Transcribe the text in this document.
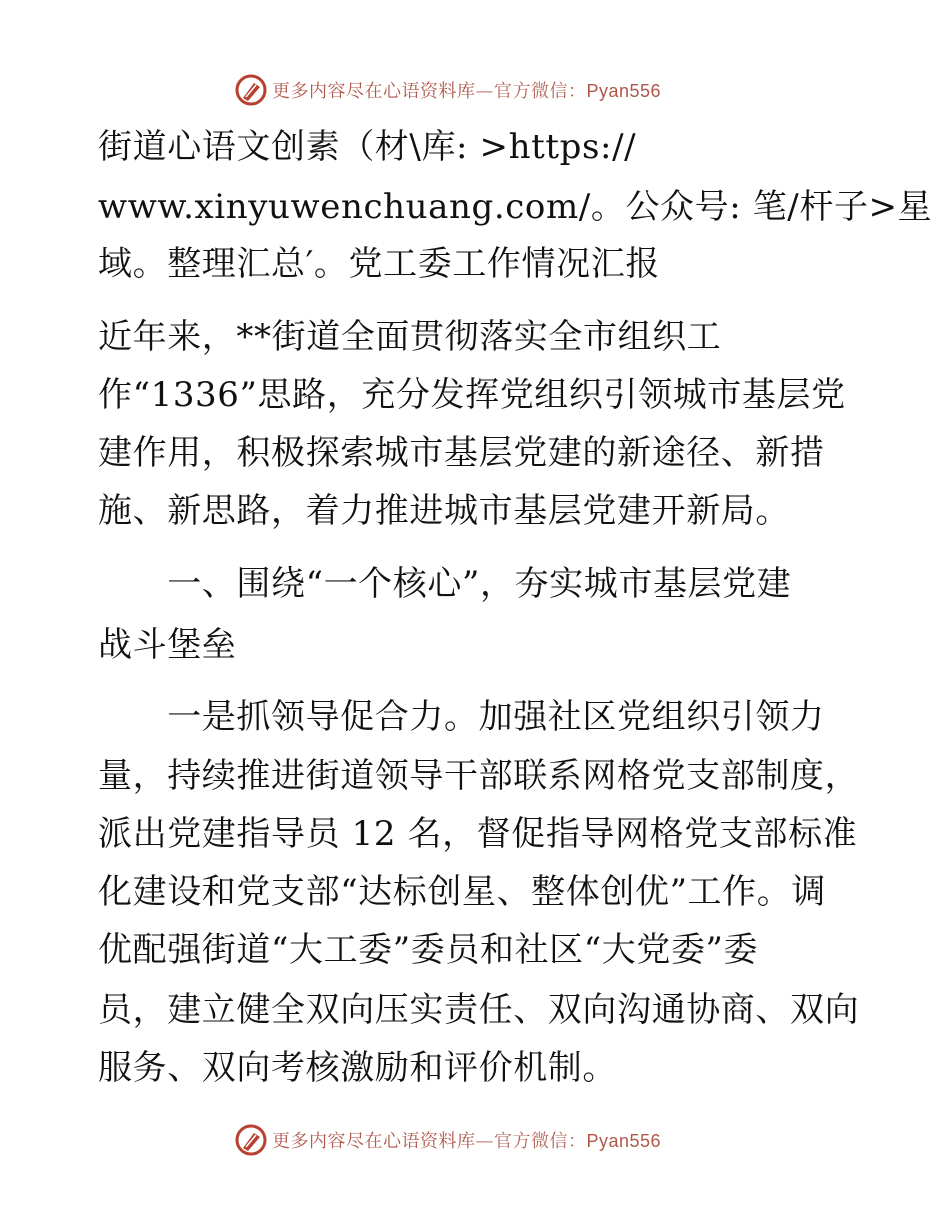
更多内容尽在心语资料库—官方微信：Pyan556
街道心语文创素（材\库: >https://
www.xinyuwenchuang.com/。公众号: 笔/杆子>星
域。整理汇总′。党工委工作情况汇报
近年来，**街道全面贯彻落实全市组织工
作“1336”思路，充分发挥党组织引领城市基层党
建作用，积极探索城市基层党建的新途径、新措
施、新思路，着力推进城市基层党建开新局。
　　一、围绕“一个核心”，夯实城市基层党建
战斗堡垒
　　一是抓领导促合力。加强社区党组织引领力
量，持续推进街道领导干部联系网格党支部制度，
派出党建指导员 12 名，督促指导网格党支部标准
化建设和党支部“达标创星、整体创优”工作。调
优配强街道“大工委”委员和社区“大党委”委
员，建立健全双向压实责任、双向沟通协商、双向
服务、双向考核激励和评价机制。
更多内容尽在心语资料库—官方微信：Pyan556
